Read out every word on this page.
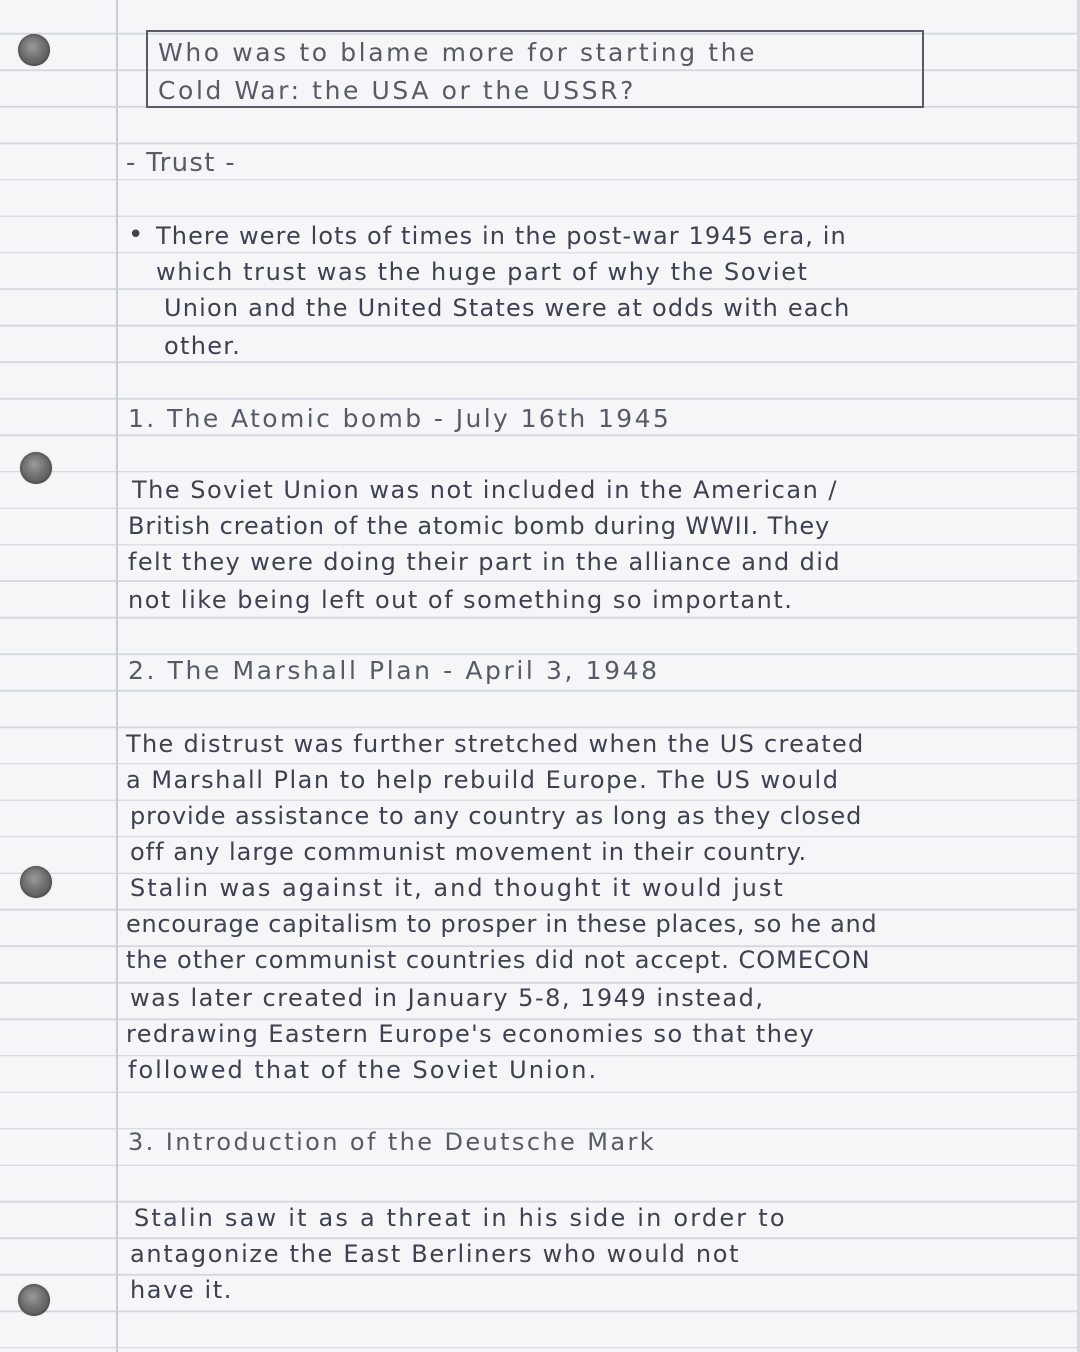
Who was to blame more for starting the

Cold War: the USA or the USSR?

- Trust -

• There were lots of times in the post-war 1945 era, in

which trust was the huge part of why the Soviet

Union and the United States were at odds with each

other.

1. The Atomic bomb - July 16th 1945

The Soviet Union was not included in the American /

British creation of the atomic bomb during WWII. They

felt they were doing their part in the alliance and did

not like being left out of something so important.

2. The Marshall Plan - April 3, 1948

The distrust was further stretched when the US created

a Marshall Plan to help rebuild Europe. The US would

provide assistance to any country as long as they closed

off any large communist movement in their country.

Stalin was against it, and thought it would just

encourage capitalism to prosper in these places, so he and

the other communist countries did not accept. COMECON

was later created in January 5-8, 1949 instead,

redrawing Eastern Europe's economies so that they

followed that of the Soviet Union.

3. Introduction of the Deutsche Mark

Stalin saw it as a threat in his side in order to

antagonize the East Berliners who would not

have it.
